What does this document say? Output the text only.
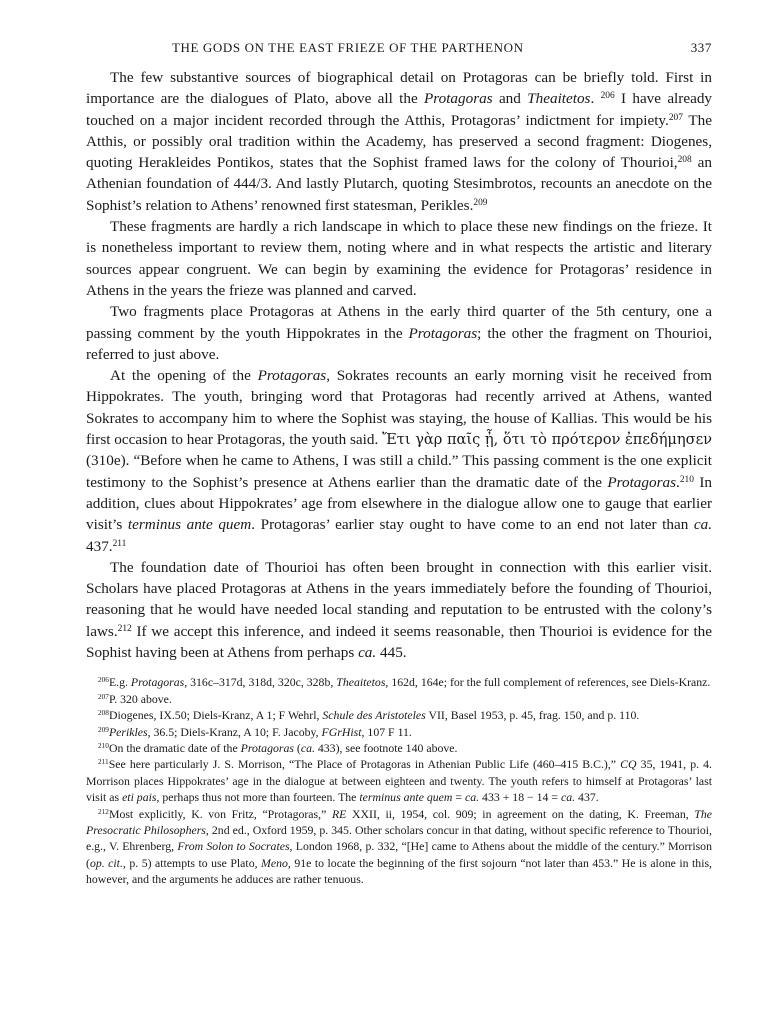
THE GODS ON THE EAST FRIEZE OF THE PARTHENON	337

The few substantive sources of biographical detail on Protagoras can be briefly told. First in importance are the dialogues of Plato, above all the Protagoras and Theaitetos. $^{206}$ I have already touched on a major incident recorded through the Atthis, Protagoras’ indictment for impiety.$^{207}$ The Atthis, or possibly oral tradition within the Academy, has preserved a second fragment: Diogenes, quoting Herakleides Pontikos, states that the Sophist framed laws for the colony of Thourioi,$^{208}$ an Athenian foundation of 444/3. And lastly Plutarch, quoting Stesimbrotos, recounts an anecdote on the Sophist’s relation to Athens’ renowned first statesman, Perikles.$^{209}$

These fragments are hardly a rich landscape in which to place these new findings on the frieze. It is nonetheless important to review them, noting where and in what respects the artistic and literary sources appear congruent. We can begin by examining the evidence for Protagoras’ residence in Athens in the years the frieze was planned and carved.

Two fragments place Protagoras at Athens in the early third quarter of the 5th century, one a passing comment by the youth Hippokrates in the Protagoras; the other the fragment on Thourioi, referred to just above.

At the opening of the Protagoras, Sokrates recounts an early morning visit he received from Hippokrates. The youth, bringing word that Protagoras had recently arrived at Athens, wanted Sokrates to accompany him to where the Sophist was staying, the house of Kallias. This would be his first occasion to hear Protagoras, the youth said. Ἔτι γὰρ παῖς ᾖ, ὅτι τὸ πρότερον ἐπεδήμησεν (310e). “Before when he came to Athens, I was still a child.” This passing comment is the one explicit testimony to the Sophist’s presence at Athens earlier than the dramatic date of the Protagoras.$^{210}$ In addition, clues about Hippokrates’ age from elsewhere in the dialogue allow one to gauge that earlier visit’s terminus ante quem. Protagoras’ earlier stay ought to have come to an end not later than ca. 437.$^{211}$

The foundation date of Thourioi has often been brought in connection with this earlier visit. Scholars have placed Protagoras at Athens in the years immediately before the founding of Thourioi, reasoning that he would have needed local standing and reputation to be entrusted with the colony’s laws.$^{212}$ If we accept this inference, and indeed it seems reasonable, then Thourioi is evidence for the Sophist having been at Athens from perhaps ca. 445.

$^{206}$E.g. Protagoras, 316c–317d, 318d, 320c, 328b, Theaitetos, 162d, 164e; for the full complement of references, see Diels-Kranz.

$^{207}$P. 320 above.

$^{208}$Diogenes, IX.50; Diels-Kranz, A 1; F Wehrl, Schule des Aristoteles VII, Basel 1953, p. 45, frag. 150, and p. 110.

$^{209}$Perikles, 36.5; Diels-Kranz, A 10; F. Jacoby, FGrHist, 107 F 11.

$^{210}$On the dramatic date of the Protagoras (ca. 433), see footnote 140 above.

$^{211}$See here particularly J. S. Morrison, “The Place of Protagoras in Athenian Public Life (460–415 B.C.),” CQ 35, 1941, p. 4. Morrison places Hippokrates’ age in the dialogue at between eighteen and twenty. The youth refers to himself at Protagoras’ last visit as eti pais, perhaps thus not more than fourteen. The terminus ante quem = ca. 433 + 18 − 14 = ca. 437.

$^{212}$Most explicitly, K. von Fritz, “Protagoras,” RE XXII, ii, 1954, col. 909; in agreement on the dating, K. Freeman, The Presocratic Philosophers, 2nd ed., Oxford 1959, p. 345. Other scholars concur in that dating, without specific reference to Thourioi, e.g., V. Ehrenberg, From Solon to Socrates, London 1968, p. 332, “[He] came to Athens about the middle of the century.” Morrison (op. cit., p. 5) attempts to use Plato, Meno, 91e to locate the beginning of the first sojourn “not later than 453.” He is alone in this, however, and the arguments he adduces are rather tenuous.
